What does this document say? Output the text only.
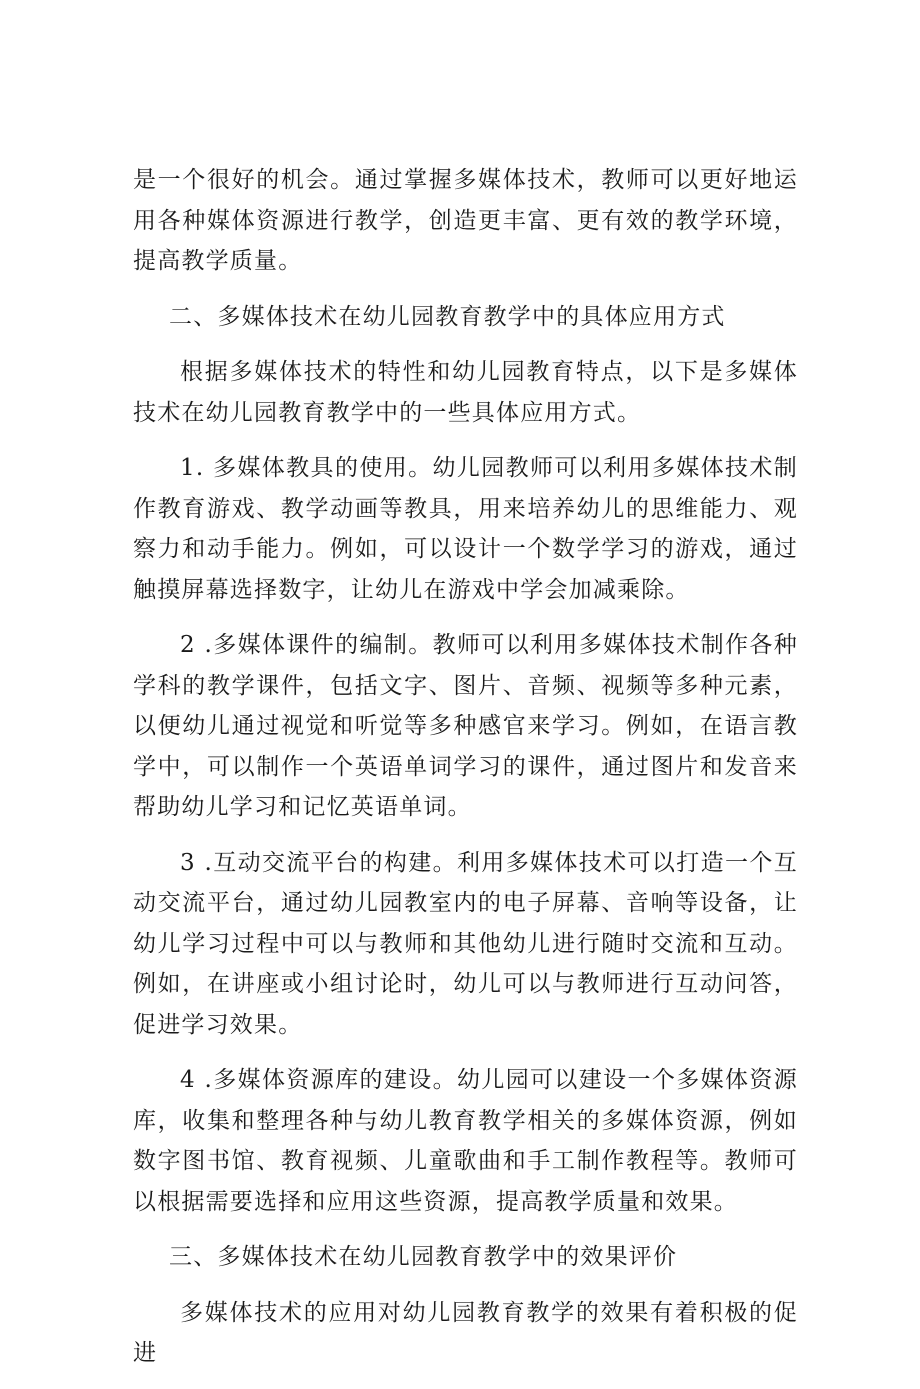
是一个很好的机会。通过掌握多媒体技术，教师可以更好地运用各种媒体资源进行教学，创造更丰富、更有效的教学环境，提高教学质量。

二、多媒体技术在幼儿园教育教学中的具体应用方式

根据多媒体技术的特性和幼儿园教育特点，以下是多媒体技术在幼儿园教育教学中的一些具体应用方式。

1. 多媒体教具的使用。幼儿园教师可以利用多媒体技术制作教育游戏、教学动画等教具，用来培养幼儿的思维能力、观察力和动手能力。例如，可以设计一个数学学习的游戏，通过触摸屏幕选择数字，让幼儿在游戏中学会加减乘除。

2 .多媒体课件的编制。教师可以利用多媒体技术制作各种学科的教学课件，包括文字、图片、音频、视频等多种元素，以便幼儿通过视觉和听觉等多种感官来学习。例如，在语言教学中，可以制作一个英语单词学习的课件，通过图片和发音来帮助幼儿学习和记忆英语单词。

3 .互动交流平台的构建。利用多媒体技术可以打造一个互动交流平台，通过幼儿园教室内的电子屏幕、音响等设备，让幼儿学习过程中可以与教师和其他幼儿进行随时交流和互动。例如，在讲座或小组讨论时，幼儿可以与教师进行互动问答，促进学习效果。

4 .多媒体资源库的建设。幼儿园可以建设一个多媒体资源库，收集和整理各种与幼儿教育教学相关的多媒体资源，例如数字图书馆、教育视频、儿童歌曲和手工制作教程等。教师可以根据需要选择和应用这些资源，提高教学质量和效果。

三、多媒体技术在幼儿园教育教学中的效果评价

多媒体技术的应用对幼儿园教育教学的效果有着积极的促进
